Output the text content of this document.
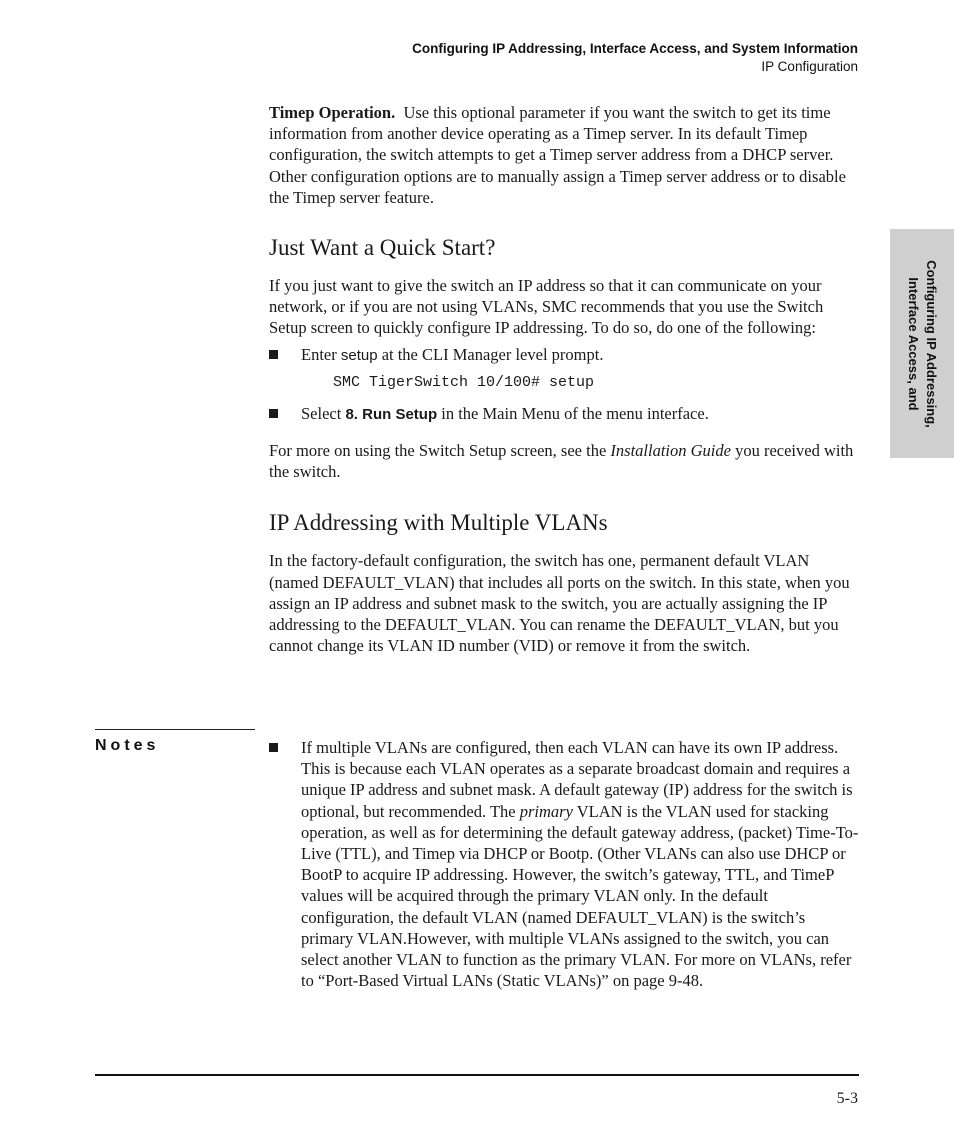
Configuring IP Addressing, Interface Access, and System Information
IP Configuration
Configuring IP Addressing,
Interface Access, and

Timep Operation. Use this optional parameter if you want the switch to get its time information from another device operating as a Timep server. In its default Timep configuration, the switch attempts to get a Timep server address from a DHCP server. Other configuration options are to manually assign a Timep server address or to disable the Timep server feature.

Just Want a Quick Start?

If you just want to give the switch an IP address so that it can communicate on your network, or if you are not using VLANs, SMC recommends that you use the Switch Setup screen to quickly configure IP addressing. To do so, do one of the following:

Enter setup at the CLI Manager level prompt.

SMC TigerSwitch 10/100# setup

Select 8. Run Setup in the Main Menu of the menu interface.

For more on using the Switch Setup screen, see the Installation Guide you received with the switch.

IP Addressing with Multiple VLANs

In the factory-default configuration, the switch has one, permanent default VLAN (named DEFAULT_VLAN) that includes all ports on the switch. In this state, when you assign an IP address and subnet mask to the switch, you are actually assigning the IP addressing to the DEFAULT_VLAN. You can rename the DEFAULT_VLAN, but you cannot change its VLAN ID number (VID) or remove it from the switch.

Notes	If multiple VLANs are configured, then each VLAN can have its own IP address. This is because each VLAN operates as a separate broadcast domain and requires a unique IP address and subnet mask. A default gateway (IP) address for the switch is optional, but recommended. The primary VLAN is the VLAN used for stacking operation, as well as for determining the default gateway address, (packet) Time-To-Live (TTL), and Timep via DHCP or Bootp. (Other VLANs can also use DHCP or BootP to acquire IP addressing. However, the switch’s gateway, TTL, and TimeP values will be acquired through the primary VLAN only. In the default configuration, the default VLAN (named DEFAULT_VLAN) is the switch’s primary VLAN.However, with multiple VLANs assigned to the switch, you can select another VLAN to function as the primary VLAN. For more on VLANs, refer to “Port-Based Virtual LANs (Static VLANs)” on page 9-48.

5-3
